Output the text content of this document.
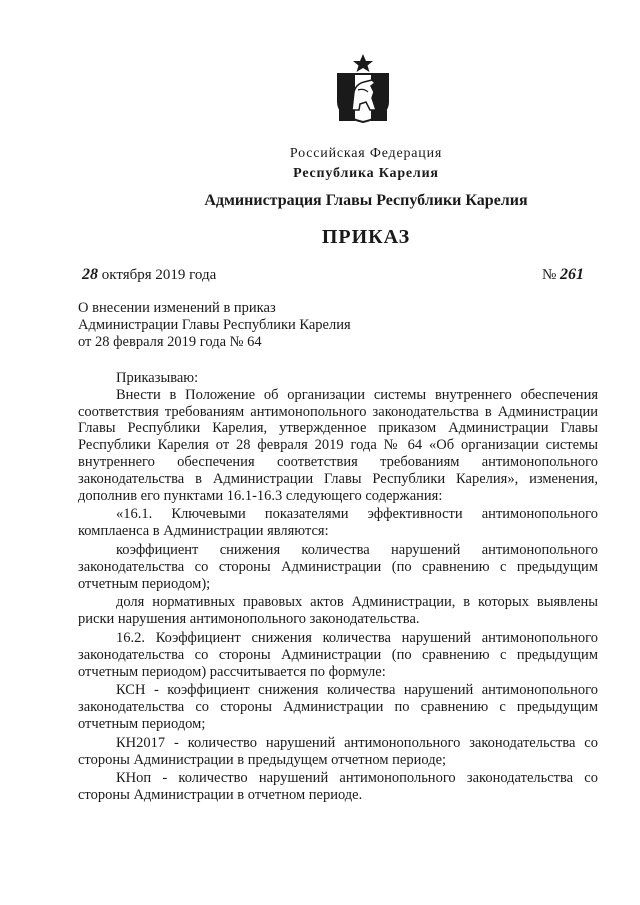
Российская Федерация
Республика Карелия
Администрация Главы Республики Карелия
ПРИКАЗ
28 октября 2019 года	№ 261
О внесении изменений в приказ
Администрации Главы Республики Карелия
от 28 февраля 2019 года № 64

Приказываю:

Внести в Положение об организации системы внутреннего обеспечения соответствия требованиям антимонопольного законодательства в Администрации Главы Республики Карелия, утвержденное приказом Администрации Главы Республики Карелия от 28 февраля 2019 года № 64 «Об организации системы внутреннего обеспечения соответствия требованиям антимонопольного законодательства в Администрации Главы Республики Карелия», изменения, дополнив его пунктами 16.1-16.3 следующего содержания:

«16.1. Ключевыми показателями эффективности антимонопольного комплаенса в Администрации являются:

коэффициент снижения количества нарушений антимонопольного законодательства со стороны Администрации (по сравнению с предыдущим отчетным периодом);

доля нормативных правовых актов Администрации, в которых выявлены риски нарушения антимонопольного законодательства.

16.2. Коэффициент снижения количества нарушений антимонопольного законодательства со стороны Администрации (по сравнению с предыдущим отчетным периодом) рассчитывается по формуле:

КСН - коэффициент снижения количества нарушений антимонопольного законодательства со стороны Администрации по сравнению с предыдущим отчетным периодом;

КН2017 - количество нарушений антимонопольного законодательства со стороны Администрации в предыдущем отчетном периоде;

КНоп - количество нарушений антимонопольного законодательства со стороны Администрации в отчетном периоде.
